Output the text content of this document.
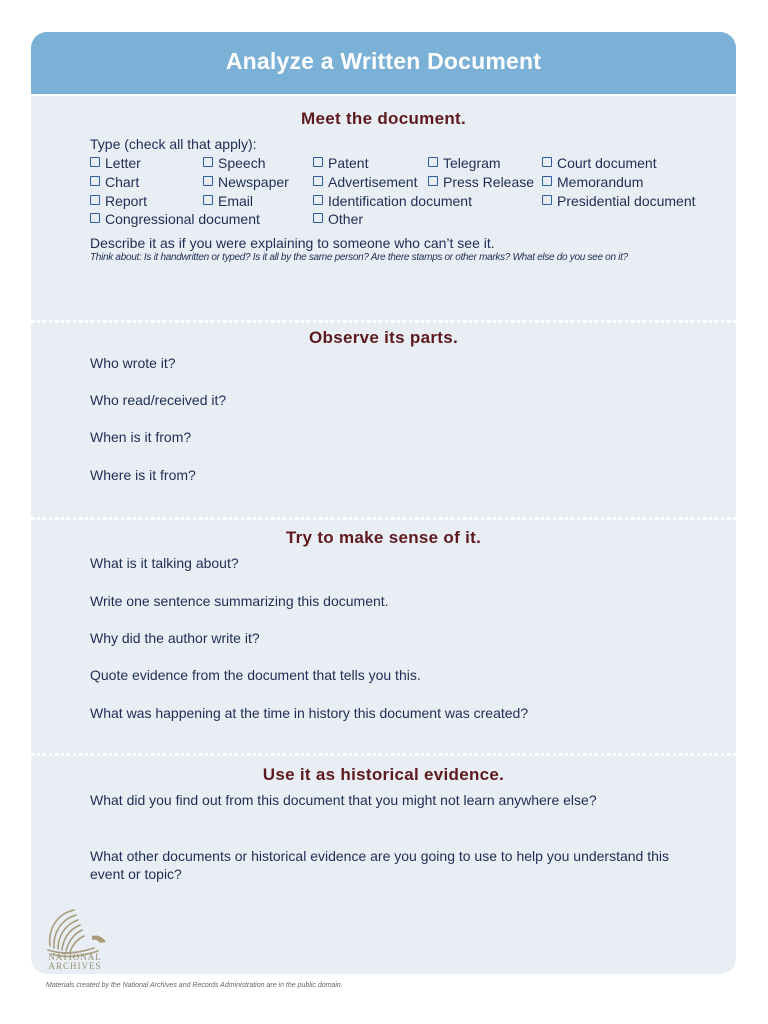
Analyze a Written Document
Meet the document.
Type (check all that apply):
Letter	Speech	Patent	Telegram	Court document
Chart	Newspaper	Advertisement	Press Release	Memorandum
Report	Email	Identification document	Presidential document
Congressional document	Other
Describe it as if you were explaining to someone who can’t see it.
Think about: Is it handwritten or typed? Is it all by the same person? Are there stamps or other marks? What else do you see on it?
Observe its parts.
Who wrote it?
Who read/received it?
When is it from?
Where is it from?
Try to make sense of it.
What is it talking about?
Write one sentence summarizing this document.
Why did the author write it?
Quote evidence from the document that tells you this.
What was happening at the time in history this document was created?
Use it as historical evidence.
What did you find out from this document that you might not learn anywhere else?
What other documents or historical evidence are you going to use to help you understand this event or topic?
NATIONAL
ARCHIVES
Materials created by the National Archives and Records Administration are in the public domain.
